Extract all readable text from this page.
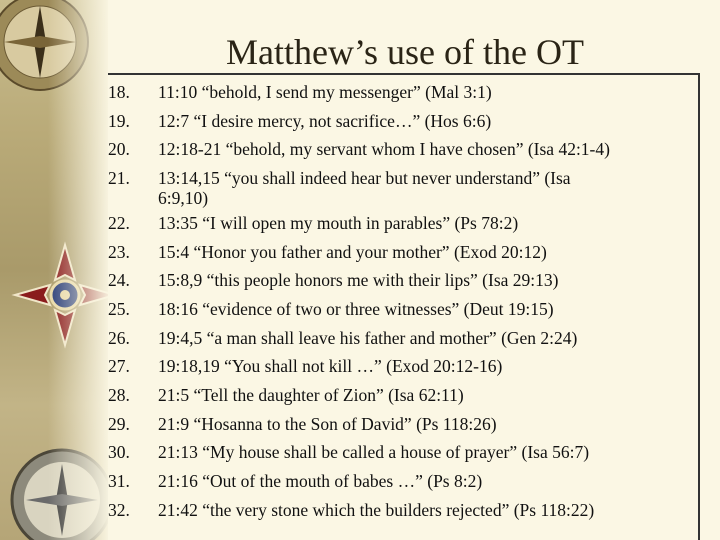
Matthew’s use of the OT
18.	11:10 “behold, I send my messenger” (Mal 3:1)
19.	12:7 “I desire mercy, not sacrifice…” (Hos 6:6)
20.	12:18-21 “behold, my servant whom I have chosen” (Isa 42:1-4)
21.	13:14,15 “you shall indeed hear but never understand” (Isa
6:9,10)
22.	13:35 “I will open my mouth in parables” (Ps 78:2)
23.	15:4 “Honor you father and your mother” (Exod 20:12)
24.	15:8,9 “this people honors me with their lips” (Isa 29:13)
25.	18:16 “evidence of two or three witnesses” (Deut 19:15)
26.	19:4,5 “a man shall leave his father and mother” (Gen 2:24)
27.	19:18,19 “You shall not kill …” (Exod 20:12-16)
28.	21:5 “Tell the daughter of Zion” (Isa 62:11)
29.	21:9 “Hosanna to the Son of David” (Ps 118:26)
30.	21:13 “My house shall be called a house of prayer” (Isa 56:7)
31.	21:16 “Out of the mouth of babes …” (Ps 8:2)
32.	21:42 “the very stone which the builders rejected” (Ps 118:22)
